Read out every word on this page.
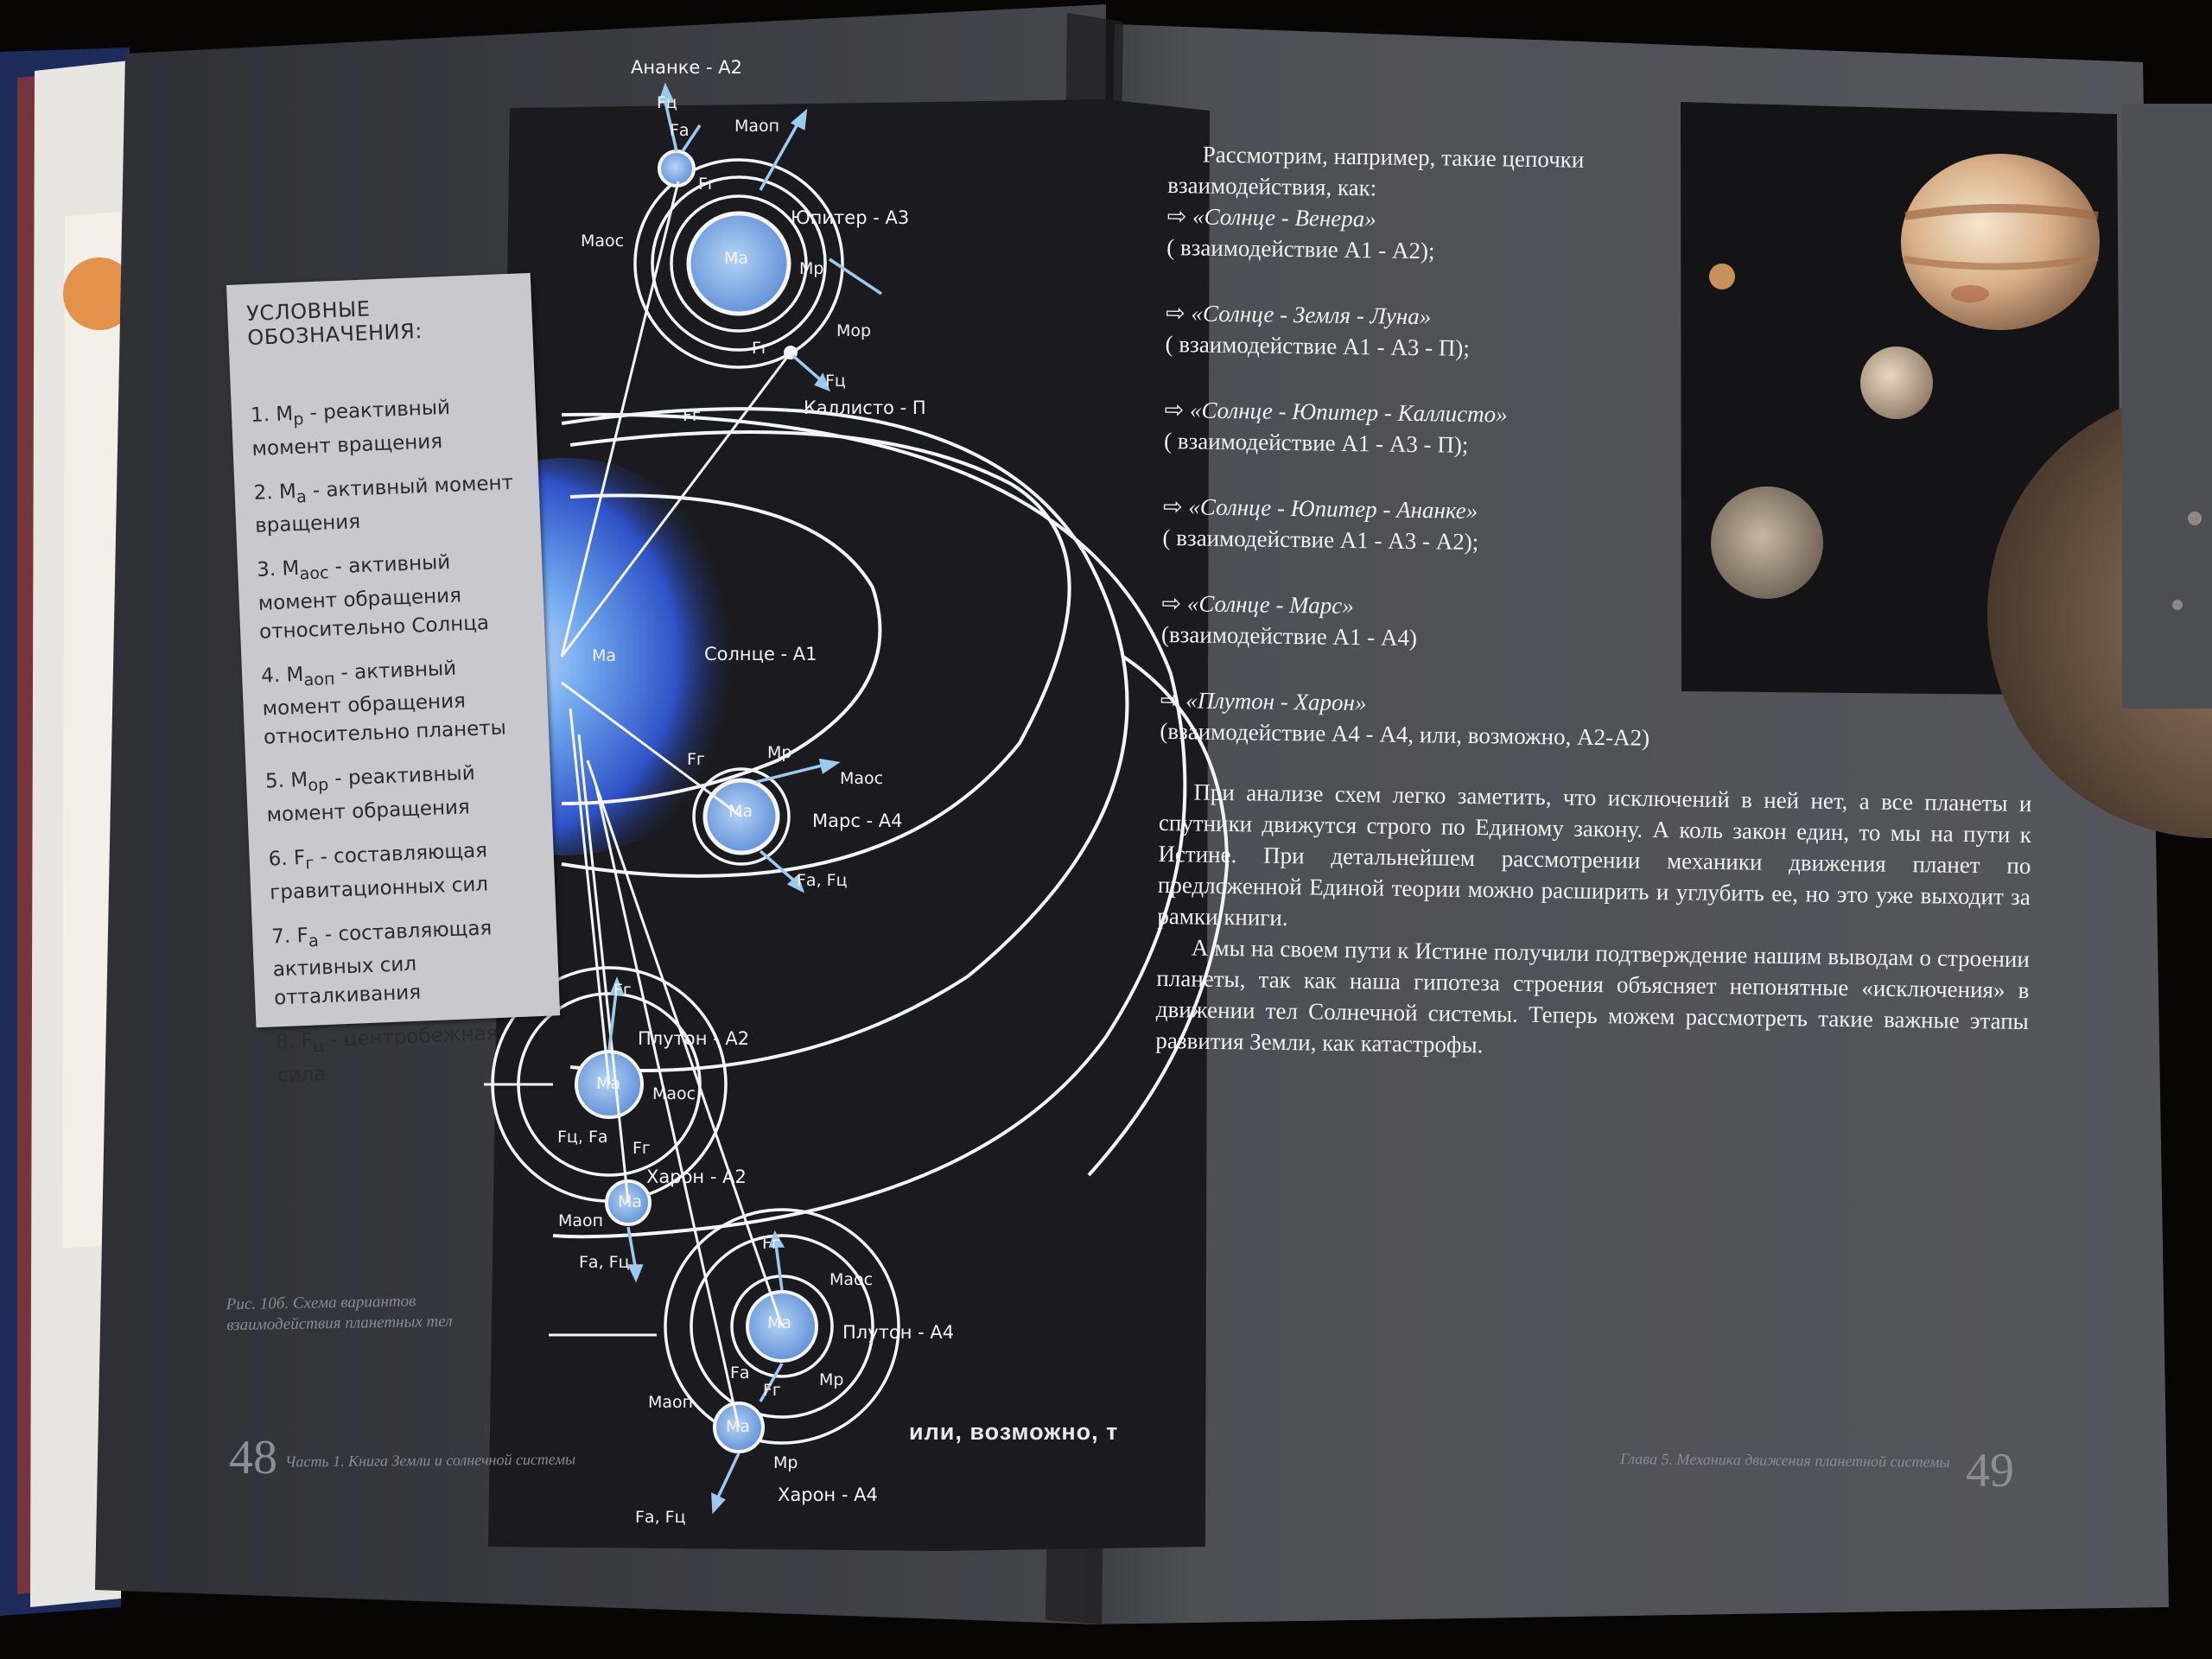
УСЛОВНЫЕ ОБОЗНАЧЕНИЯ:
1. $M_р$ - реактивный момент вращения
2. $M_а$ - активный момент вращения
3. $M_{аос}$ - активный момент обращения относительно Солнца
4. $M_{аоп}$ - активный момент обращения относительно планеты
5. $M_{ор}$ - реактивный момент обращения
6. $F_г$ - составляющая гравитационных сил
7. $F_а$ - составляющая активных сил отталкивания
8. $F_ц$ - центробежная сила
Ананке - А2
Fц
Fа	Mаоп
Fг
Юпитер - А3
Mаос
Mа
Mр
Mор
Fг
Fц
Каллисто - П
Fг
Mа	Солнце - А1
Fг	Mр
Mаос
Mа	Марс - А4
Fа, Fц
Fг
Плутон - А2
Mа
Mаос
Fц, Fа
Fг
Харон - А2
Mаоп
Mа
Fа, Fц
Fг
Mаос
Mа	Плутон - А4
Fа
Fг
Mр
Mаоп
Mа
Mр
Харон - А4
Fа, Fц
Рис. 10б. Схема вариантов
взаимодействия планетных тел
48 Часть 1. Книга Земли и солнечной системы
или, возможно, т
Рассмотрим, например, такие цепочки взаимодействия, как:
⇨ «Солнце - Венера»
( взаимодействие А1 - А2);
⇨ «Солнце - Земля - Луна»
( взаимодействие А1 - А3 - П);
⇨ «Солнце - Юпитер - Каллисто»
( взаимодействие А1 - А3 - П);
⇨ «Солнце - Юпитер - Ананке»
( взаимодействие А1 - А3 - А2);
⇨ «Солнце - Марс»
(взаимодействие А1 - А4)
⇨ «Плутон - Харон»
(взаимодействие А4 - А4, или, возможно, А2-А2)

При анализе схем легко заметить, что исключений в ней нет, а все планеты и спутники движутся строго по Единому закону. А коль закон един, то мы на пути к Истине. При детальнейшем рассмотрении механики движения планет по предложенной Единой теории можно расширить и углубить ее, но это уже выходит за рамки книги.

А мы на своем пути к Истине получили подтверждение нашим выводам о строении планеты, так как наша гипотеза строения объясняет непонятные «исключения» в движении тел Солнечной системы. Теперь можем рассмотреть такие важные этапы развития Земли, как катастрофы.

Глава 5. Механика движения планетной системы 49
